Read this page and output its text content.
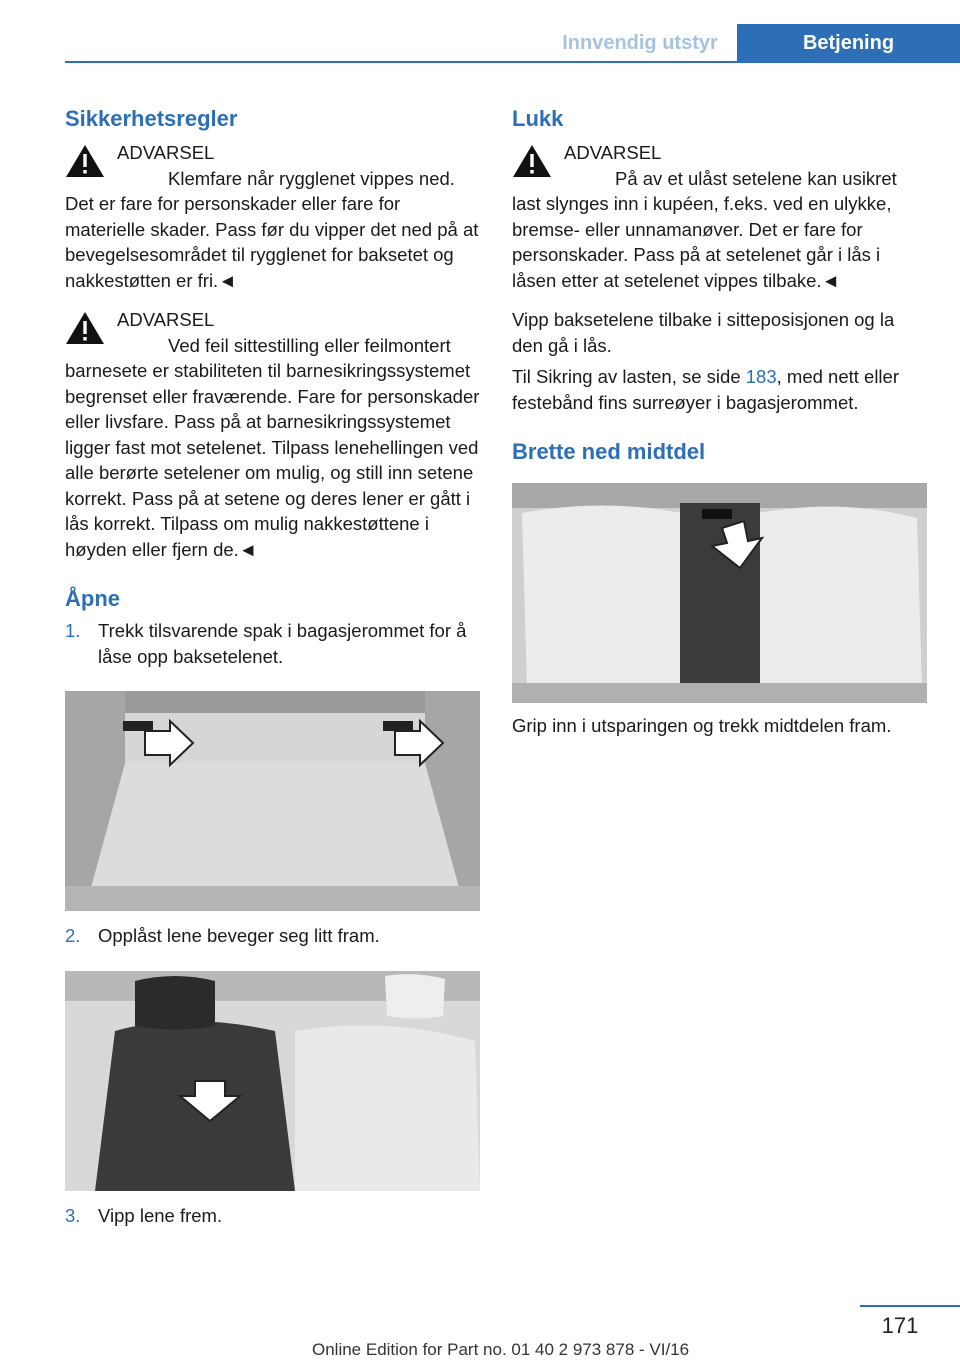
Innvendig utstyr	Betjening
Sikkerhetsregler
ADVARSEL

Klemfare når rygglenet vippes ned. Det er fare for personskader eller fare for materielle skader. Pass før du vipper det ned på at bevegelsesområdet til rygglenet for baksetet og nakkestøtten er fri.◄

ADVARSEL

Ved feil sittestilling eller feilmontert barnesete er stabiliteten til barnesikringssystemet begrenset eller fraværende. Fare for personskader eller livsfare. Pass på at barnesikringssystemet ligger fast mot setelenet. Tilpass lenehellingen ved alle berørte setelener om mulig, og still inn setene korrekt. Pass på at setene og deres lener er gått i lås korrekt. Tilpass om mulig nakkestøttene i høyden eller fjern de.◄

Åpne
1. Trekk tilsvarende spak i bagasjerommet for å låse opp baksetelenet.

2. Opplåst lene beveger seg litt fram.

3. Vipp lene frem.

Lukk
ADVARSEL

På av et ulåst setelene kan usikret last slynges inn i kupéen, f.eks. ved en ulykke, bremse- eller unnamanøver. Det er fare for personskader. Pass på at setelenet går i lås i låsen etter at setelenet vippes tilbake.◄

Vipp baksetelene tilbake i sitteposisjonen og la den gå i lås.

Til Sikring av lasten, se side 183, med nett eller festebånd fins surreøyer i bagasjerommet.

Brette ned midtdel

Grip inn i utsparingen og trekk midtdelen fram.

171
Online Edition for Part no. 01 40 2 973 878 - VI/16
